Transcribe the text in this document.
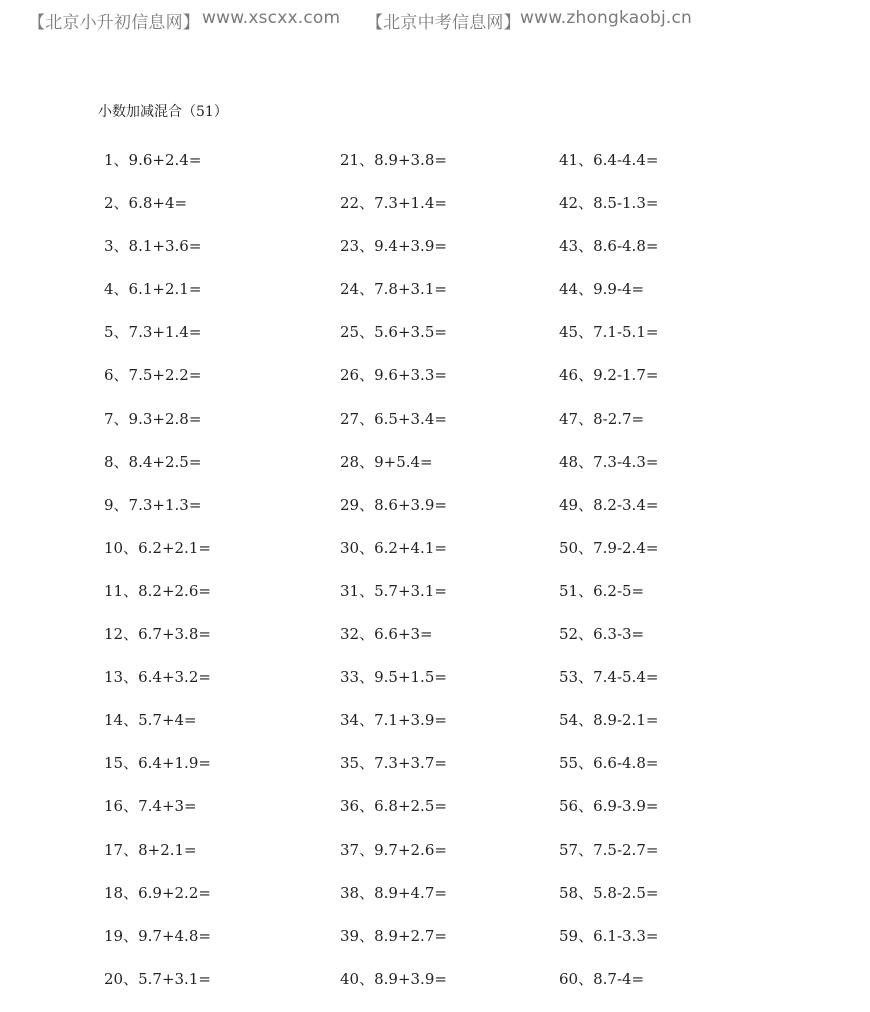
【北京小升初信息网】 www.xscxx.com 【北京中考信息网】 www.zhongkaobj.cn
小数加减混合（51）
1、9.6+2.4=
2、6.8+4=
3、8.1+3.6=
4、6.1+2.1=
5、7.3+1.4=
6、7.5+2.2=
7、9.3+2.8=
8、8.4+2.5=
9、7.3+1.3=
10、6.2+2.1=
11、8.2+2.6=
12、6.7+3.8=
13、6.4+3.2=
14、5.7+4=
15、6.4+1.9=
16、7.4+3=
17、8+2.1=
18、6.9+2.2=
19、9.7+4.8=
20、5.7+3.1=
21、8.9+3.8=
22、7.3+1.4=
23、9.4+3.9=
24、7.8+3.1=
25、5.6+3.5=
26、9.6+3.3=
27、6.5+3.4=
28、9+5.4=
29、8.6+3.9=
30、6.2+4.1=
31、5.7+3.1=
32、6.6+3=
33、9.5+1.5=
34、7.1+3.9=
35、7.3+3.7=
36、6.8+2.5=
37、9.7+2.6=
38、8.9+4.7=
39、8.9+2.7=
40、8.9+3.9=
41、6.4-4.4=
42、8.5-1.3=
43、8.6-4.8=
44、9.9-4=
45、7.1-5.1=
46、9.2-1.7=
47、8-2.7=
48、7.3-4.3=
49、8.2-3.4=
50、7.9-2.4=
51、6.2-5=
52、6.3-3=
53、7.4-5.4=
54、8.9-2.1=
55、6.6-4.8=
56、6.9-3.9=
57、7.5-2.7=
58、5.8-2.5=
59、6.1-3.3=
60、8.7-4=
